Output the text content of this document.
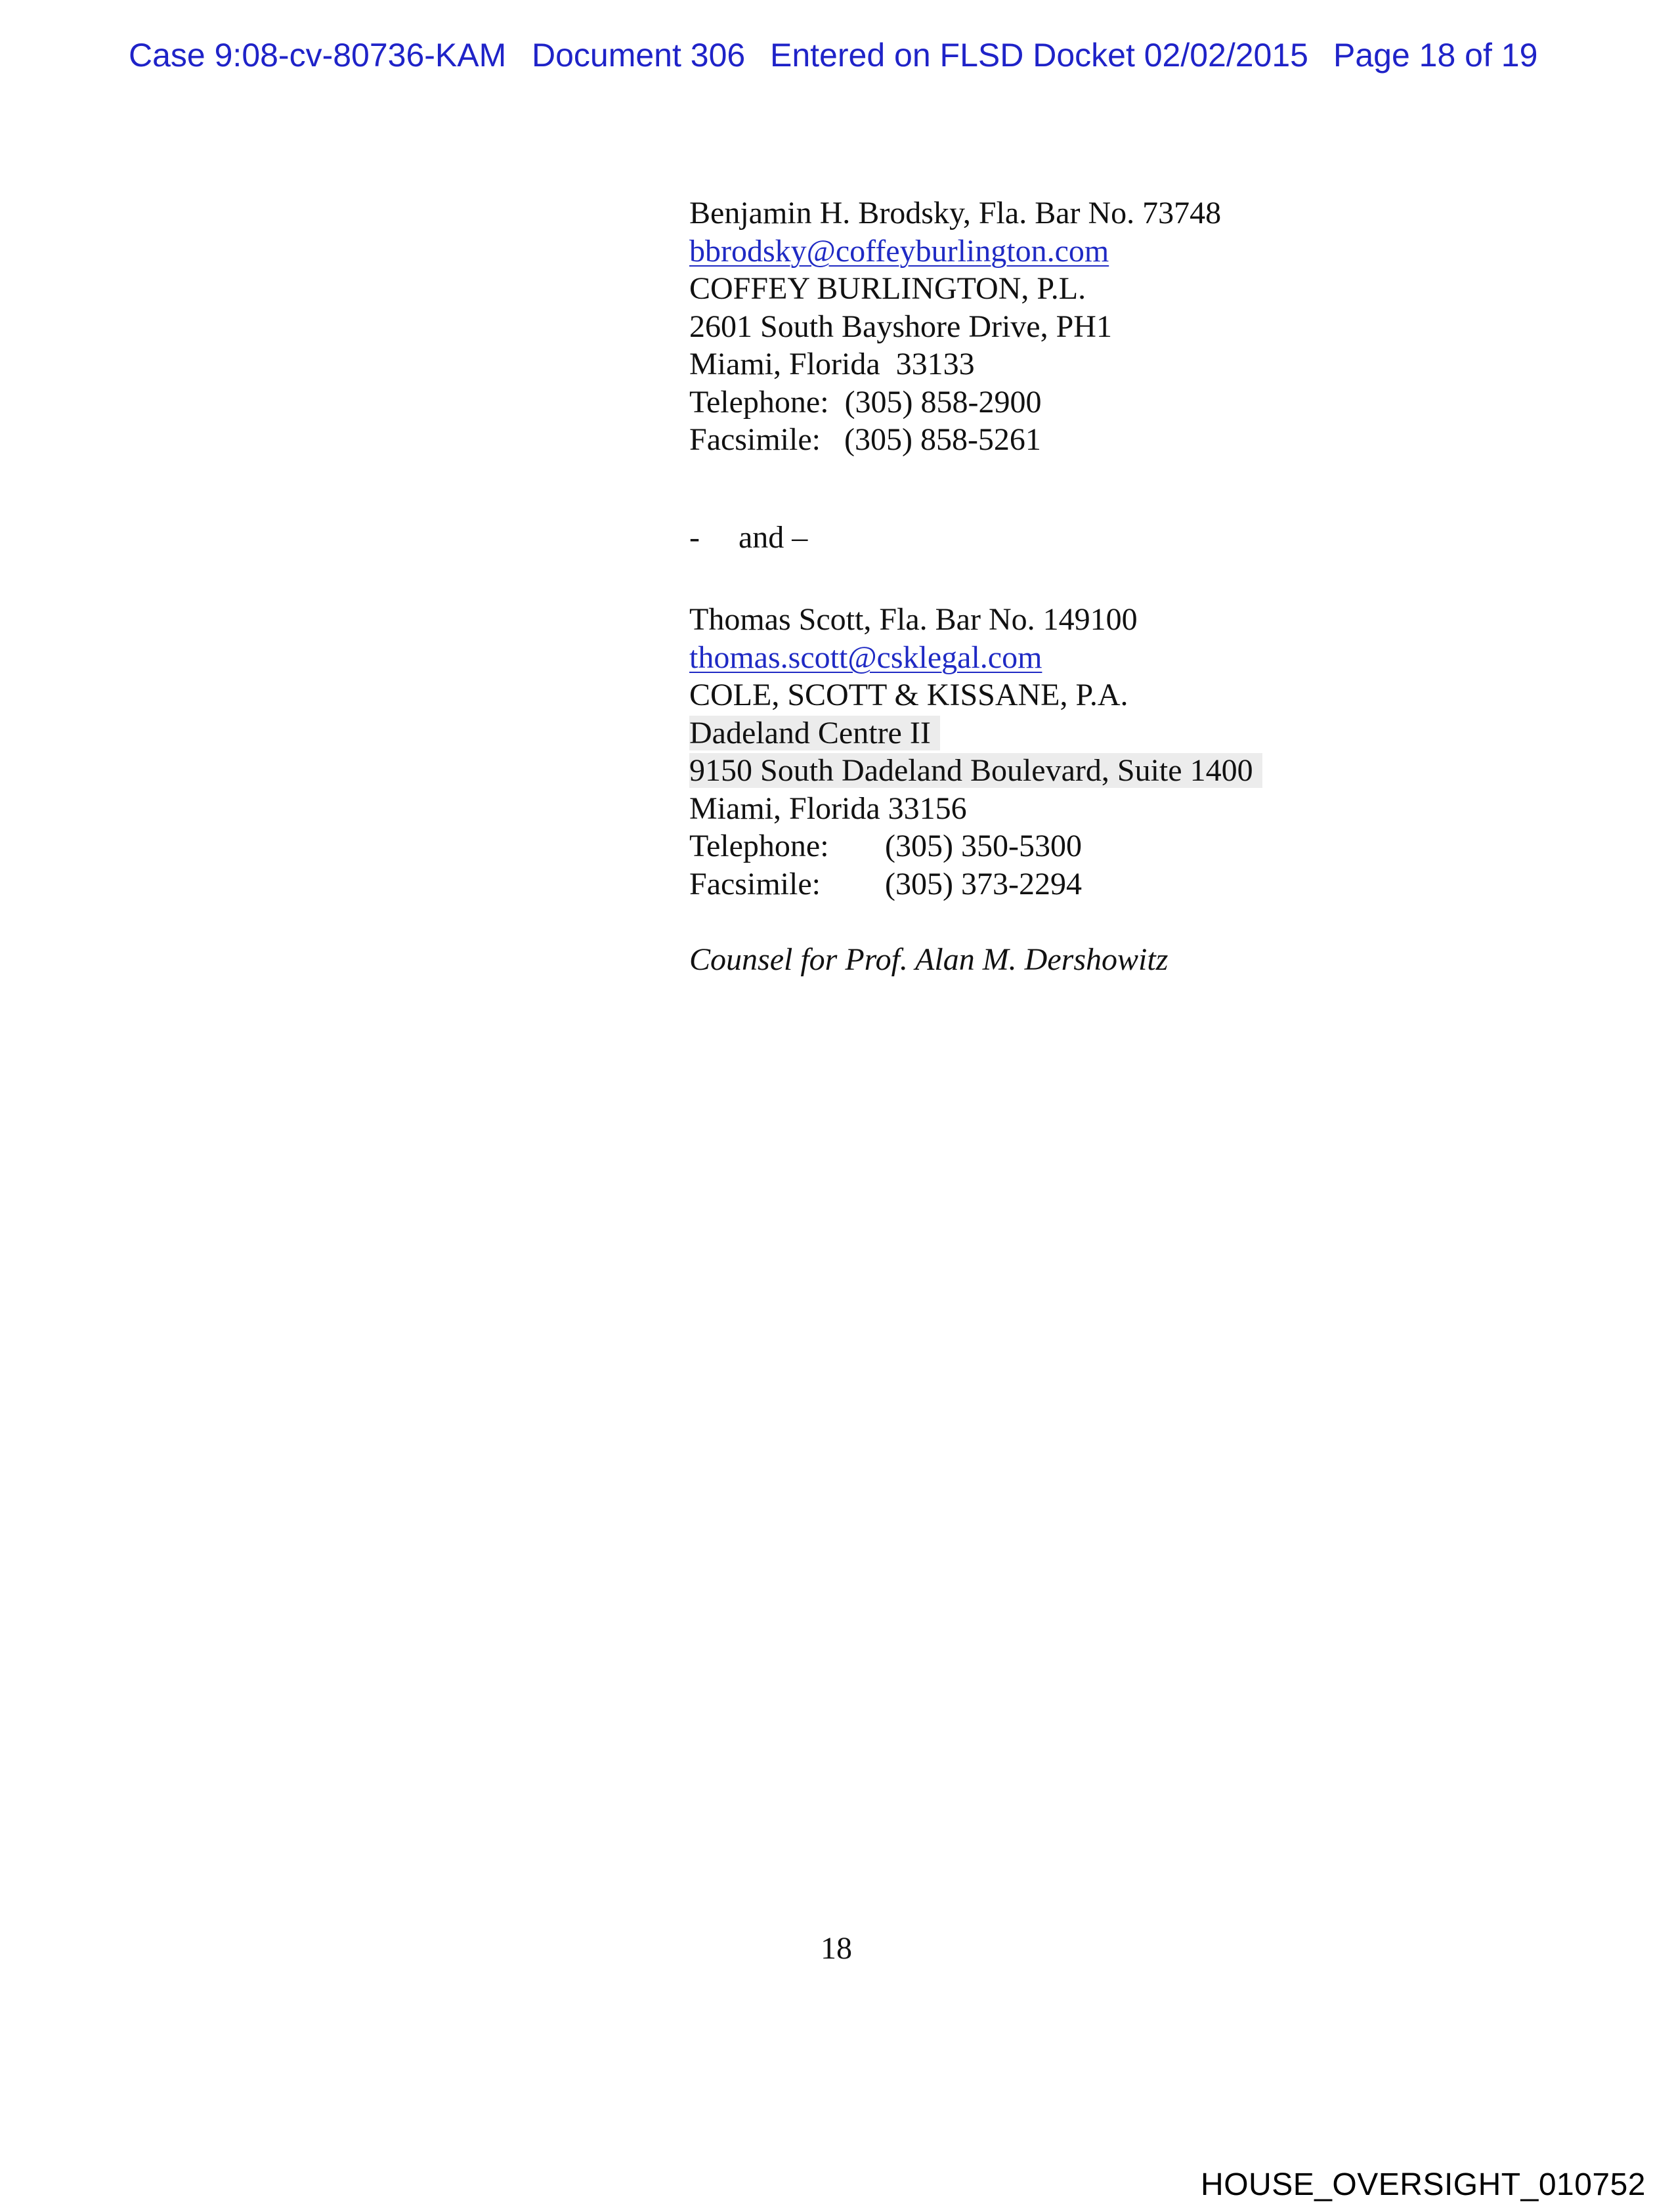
Case 9:08-cv-80736-KAM

Document 306

Entered on FLSD Docket 02/02/2015

Page 18 of 19

Benjamin H. Brodsky, Fla. Bar No. 73748
bbrodsky@coffeyburlington.com
COFFEY BURLINGTON, P.L.
2601 South Bayshore Drive, PH1
Miami, Florida  33133
Telephone: (305) 858-2900
Facsimile: (305) 858-5261
- and –
Thomas Scott, Fla. Bar No. 149100
thomas.scott@csklegal.com
COLE, SCOTT & KISSANE, P.A.
Dadeland Centre II
9150 South Dadeland Boulevard, Suite 1400
Miami, Florida 33156
Telephone: (305) 350-5300
Facsimile: (305) 373-2294
Counsel for Prof. Alan M. Dershowitz
18
HOUSE_OVERSIGHT_010752
